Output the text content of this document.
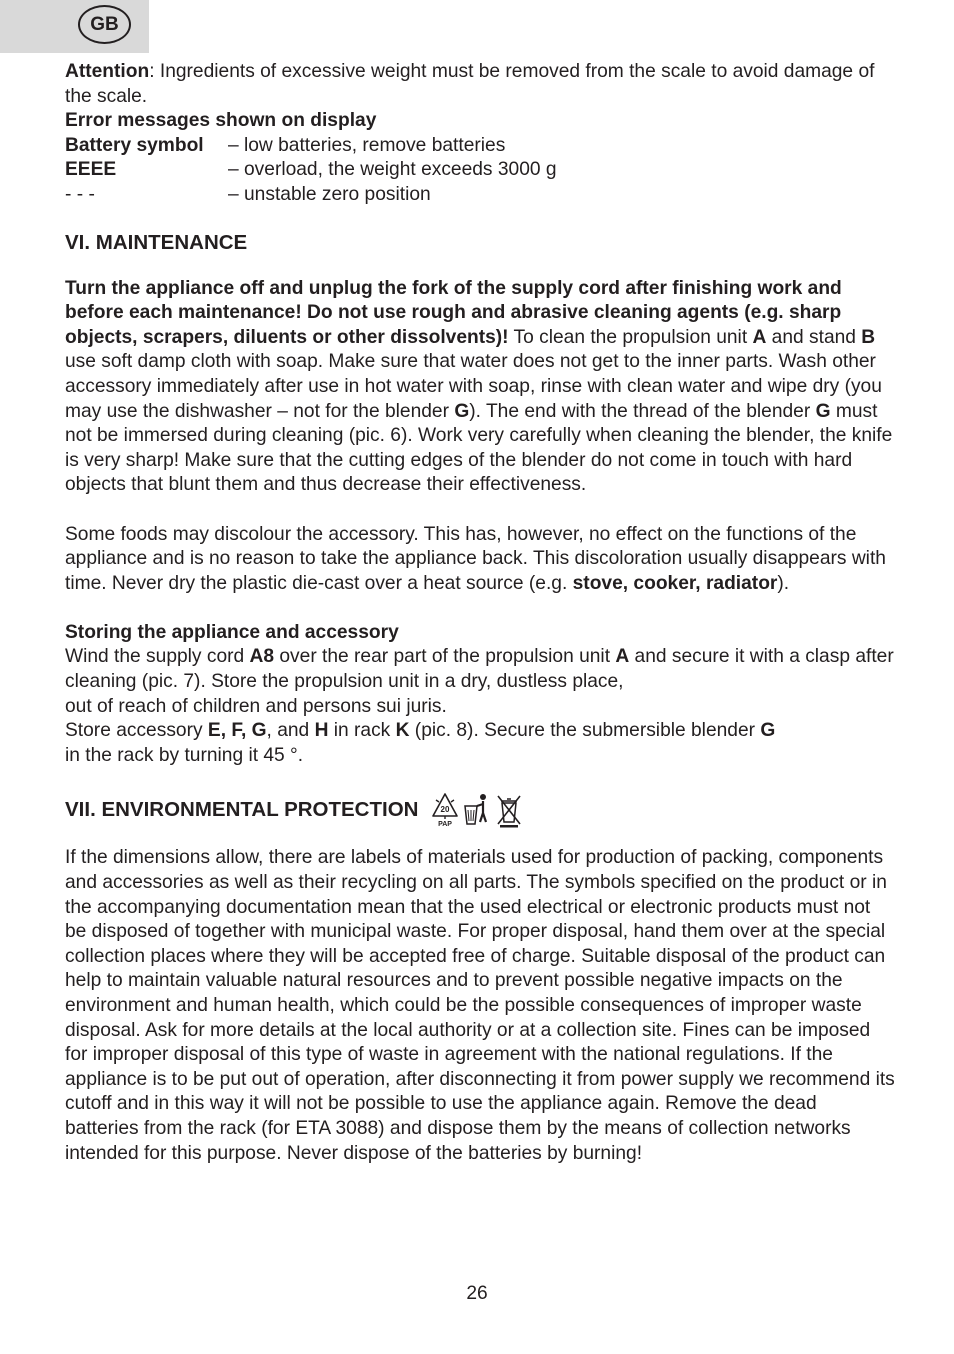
GB

Attention: Ingredients of excessive weight must be removed from the scale to avoid damage of the scale.

Error messages shown on display

Battery symbol	– low batteries, remove batteries
EEEE	– overload, the weight exceeds 3000 g
- - -	– unstable zero position

VI. MAINTENANCE

Turn the appliance off and unplug the fork of the supply cord after finishing work and before each maintenance! Do not use rough and abrasive cleaning agents (e.g. sharp objects, scrapers, diluents or other dissolvents)! To clean the propulsion unit A and stand B use soft damp cloth with soap. Make sure that water does not get to the inner parts. Wash other accessory immediately after use in hot water with soap, rinse with clean water and wipe dry (you may use the dishwasher – not for the blender G). The end with the thread of the blender G must not be immersed during cleaning (pic. 6). Work very carefully when cleaning the blender, the knife is very sharp! Make sure that the cutting edges of the blender do not come in touch with hard objects that blunt them and thus decrease their effectiveness.

Some foods may discolour the accessory. This has, however, no effect on the functions of the appliance and is no reason to take the appliance back. This discoloration usually disappears with time. Never dry the plastic die-cast over a heat source (e.g. stove, cooker, radiator).

Storing the appliance and accessory

Wind the supply cord A8 over the rear part of the propulsion unit A and secure it with a clasp after cleaning (pic. 7). Store the propulsion unit in a dry, dustless place,

out of reach of children and persons sui juris.

Store accessory E, F, G, and H in rack K (pic. 8). Secure the submersible blender G

in the rack by turning it 45 °.

VII. ENVIRONMENTAL PROTECTION	20
PAP

If the dimensions allow, there are labels of materials used for production of packing, components and accessories as well as their recycling on all parts. The symbols specified on the product or in the accompanying documentation mean that the used electrical or electronic products must not be disposed of together with municipal waste. For proper disposal, hand them over at the special collection places where they will be accepted free of charge. Suitable disposal of the product can help to maintain valuable natural resources and to prevent possible negative impacts on the environment and human health, which could be the possible consequences of improper waste disposal. Ask for more details at the local authority or at a collection site. Fines can be imposed for improper disposal of this type of waste in agreement with the national regulations. If the appliance is to be put out of operation, after disconnecting it from power supply we recommend its cutoff and in this way it will not be possible to use the appliance again. Remove the dead batteries from the rack (for ETA 3088) and dispose them by the means of collection networks intended for this purpose. Never dispose of the batteries by burning!

26
